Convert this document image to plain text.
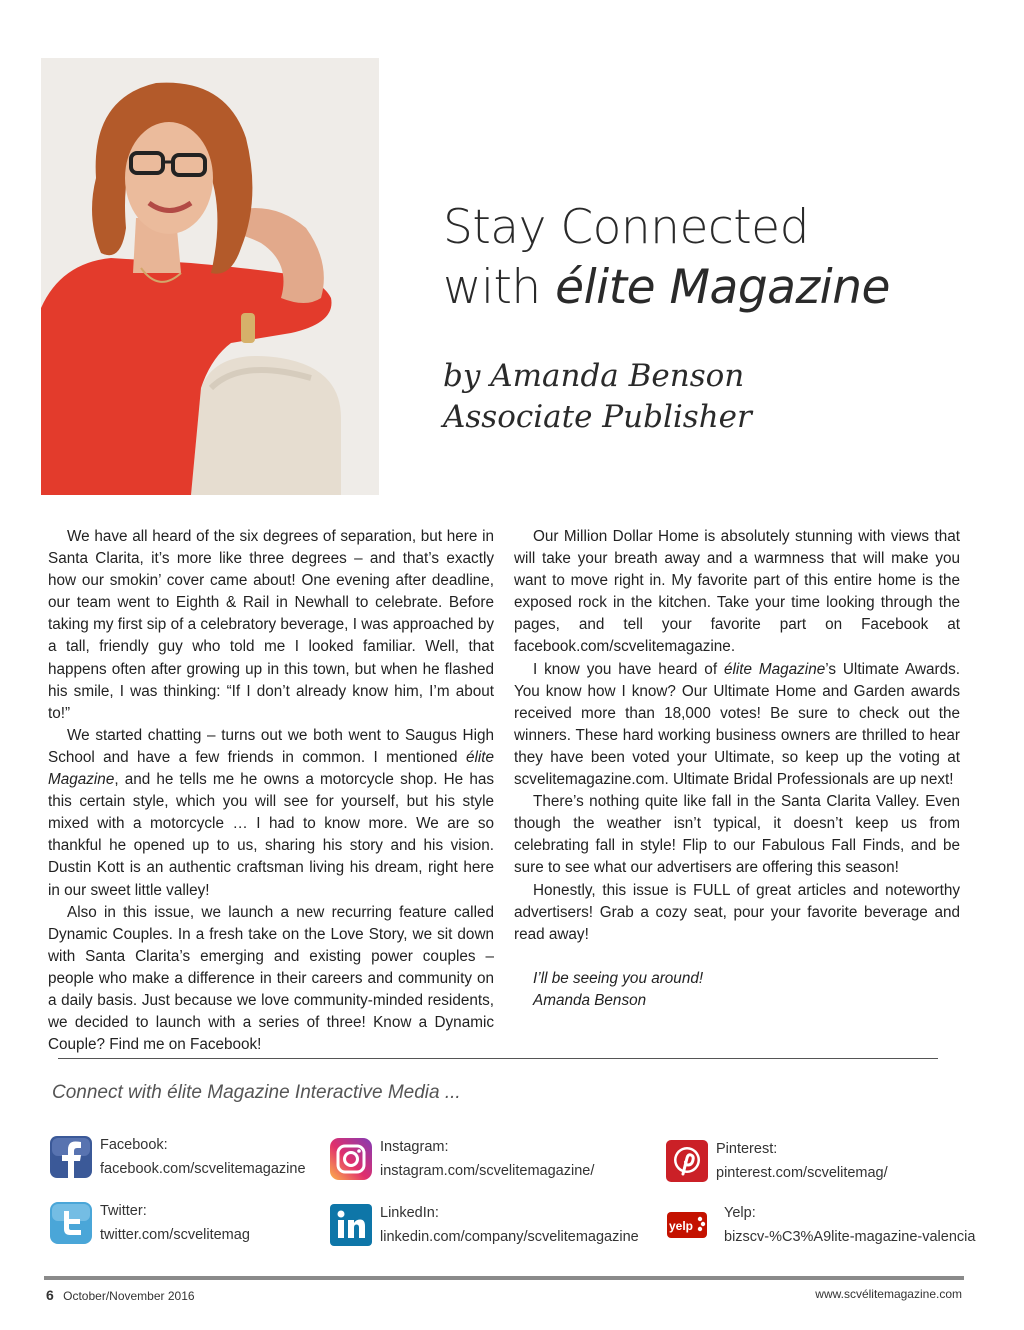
Stay Connected
with élite Magazine

by Amanda Benson
Associate Publisher

We have all heard of the six degrees of separation, but here in Santa Clarita, it’s more like three degrees – and that’s exactly how our smokin’ cover came about! One evening after deadline, our team went to Eighth & Rail in Newhall to celebrate. Before taking my first sip of a celebratory beverage, I was approached by a tall, friendly guy who told me I looked familiar. Well, that happens often after growing up in this town, but when he flashed his smile, I was thinking: “If I don’t already know him, I’m about to!”

We started chatting – turns out we both went to Saugus High School and have a few friends in common. I mentioned élite Magazine, and he tells me he owns a motorcycle shop. He has this certain style, which you will see for yourself, but his style mixed with a motorcycle … I had to know more. We are so thankful he opened up to us, sharing his story and his vision. Dustin Kott is an authentic craftsman living his dream, right here in our sweet little valley!

Also in this issue, we launch a new recurring feature called Dynamic Couples. In a fresh take on the Love Story, we sit down with Santa Clarita’s emerging and existing power couples – people who make a difference in their careers and community on a daily basis. Just because we love community-minded residents, we decided to launch with a series of three! Know a Dynamic Couple? Find me on Facebook!

Our Million Dollar Home is absolutely stunning with views that will take your breath away and a warmness that will make you want to move right in. My favorite part of this entire home is the exposed rock in the kitchen. Take your time looking through the pages, and tell your favorite part on Facebook at facebook.com/scvelitemagazine.

I know you have heard of élite Magazine’s Ultimate Awards. You know how I know? Our Ultimate Home and Garden awards received more than 18,000 votes! Be sure to check out the winners. These hard working business owners are thrilled to hear they have been voted your Ultimate, so keep up the voting at scvelitemagazine.com. Ultimate Bridal Professionals are up next!

There’s nothing quite like fall in the Santa Clarita Valley. Even though the weather isn’t typical, it doesn’t keep us from celebrating fall in style! Flip to our Fabulous Fall Finds, and be sure to see what our advertisers are offering this season!

Honestly, this issue is FULL of great articles and noteworthy advertisers! Grab a cozy seat, pour your favorite beverage and read away!

I’ll be seeing you around!

Amanda Benson

Connect with élite Magazine Interactive Media ...

Facebook:
facebook.com/scvelitemagazine
Instagram:
instagram.com/scvelitemagazine/
Pinterest:
pinterest.com/scvelitemag/
Twitter:
twitter.com/scvelitemag
LinkedIn:
linkedin.com/company/scvelitemagazine
yelp
Yelp:
bizscv-%C3%A9lite-magazine-valencia
6 October/November 2016	www.scvélitemagazine.com
